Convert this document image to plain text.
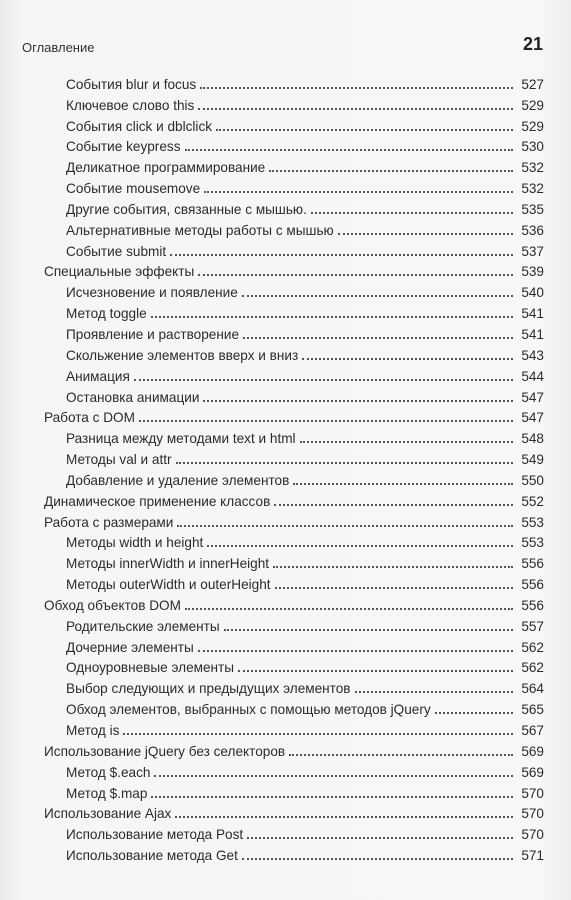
Оглавление	21
События blur и focus	527
Ключевое слово this	529
События click и dblclick	529
Событие keypress	530
Деликатное программирование	532
Событие mousemove	532
Другие события, связанные с мышью.	535
Альтернативные методы работы с мышью	536
Событие submit	537
Специальные эффекты	539
Исчезновение и появление	540
Метод toggle	541
Проявление и растворение	541
Скольжение элементов вверх и вниз	543
Анимация	544
Остановка анимации	547
Работа с DOM	547
Разница между методами text и html	548
Методы val и attr	549
Добавление и удаление элементов	550
Динамическое применение классов	552
Работа с размерами	553
Методы width и height	553
Методы innerWidth и innerHeight	556
Методы outerWidth и outerHeight	556
Обход объектов DOM	556
Родительские элементы	557
Дочерние элементы	562
Одноуровневые элементы	562
Выбор следующих и предыдущих элементов	564
Обход элементов, выбранных с помощью методов jQuery	565
Метод is	567
Использование jQuery без селекторов	569
Метод $.each	569
Метод $.map	570
Использование Ajax	570
Использование метода Post	570
Использование метода Get	571
